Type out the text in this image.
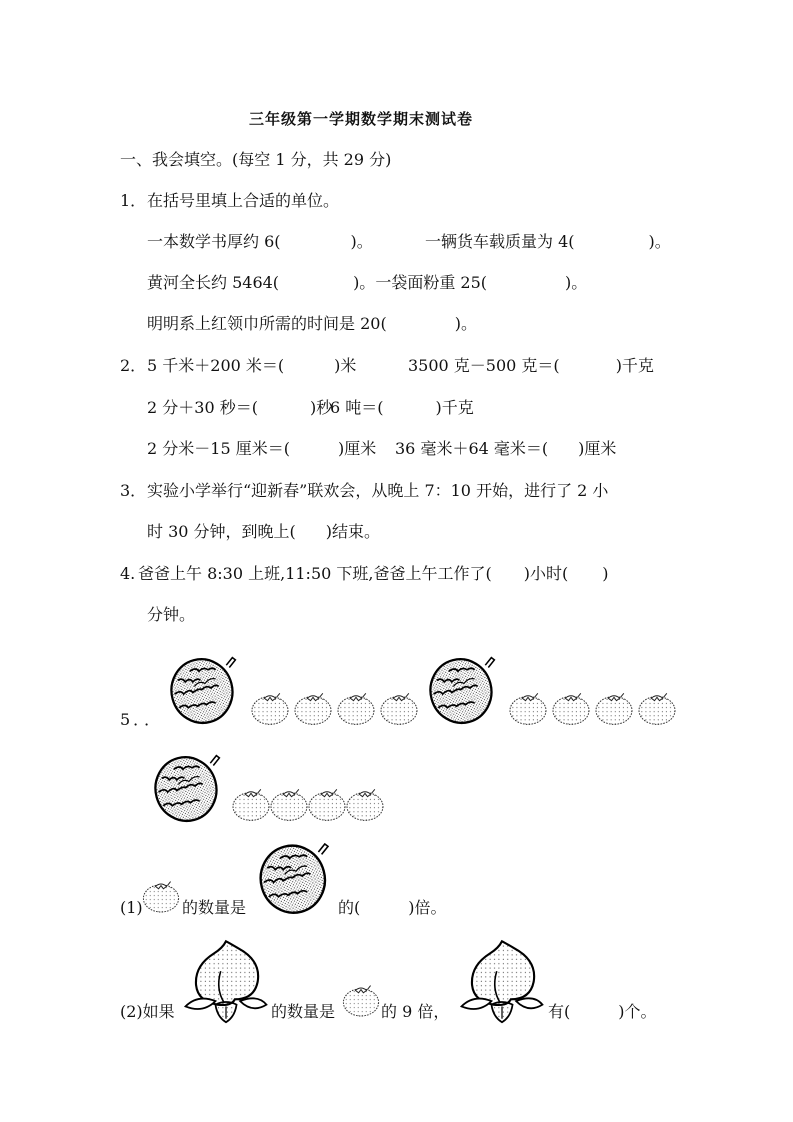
三年级第一学期数学期末测试卷
一、我会填空。(每空 1 分，共 29 分)
1． 在括号里填上合适的单位。
一本数学书厚约 6(	)。	一辆货车载质量为 4(	)。
黄河全长约 5464(	)。一袋面粉重 25(	)。
明明系上红领巾所需的时间是 20(	)。
2． 5 千米＋200 米＝(	)米	3500 克－500 克＝(	)千克
2 分＋30 秒＝(	)秒
6 吨＝(	)千克
2 分米－15 厘米＝(	)厘米 36 毫米＋64 毫米＝( )厘米
3． 实验小学举行“迎新春”联欢会，从晚上 7：10 开始，进行了 2 小
时 30 分钟，到晚上( )结束。
4. 爸爸上午 8:30 上班,11:50 下班,爸爸上午工作了( )小时( )
分钟。
5．．
(1) 的数量是	的(	)倍。
(2)如果	的数量是	的 9 倍，	有(	)个。
